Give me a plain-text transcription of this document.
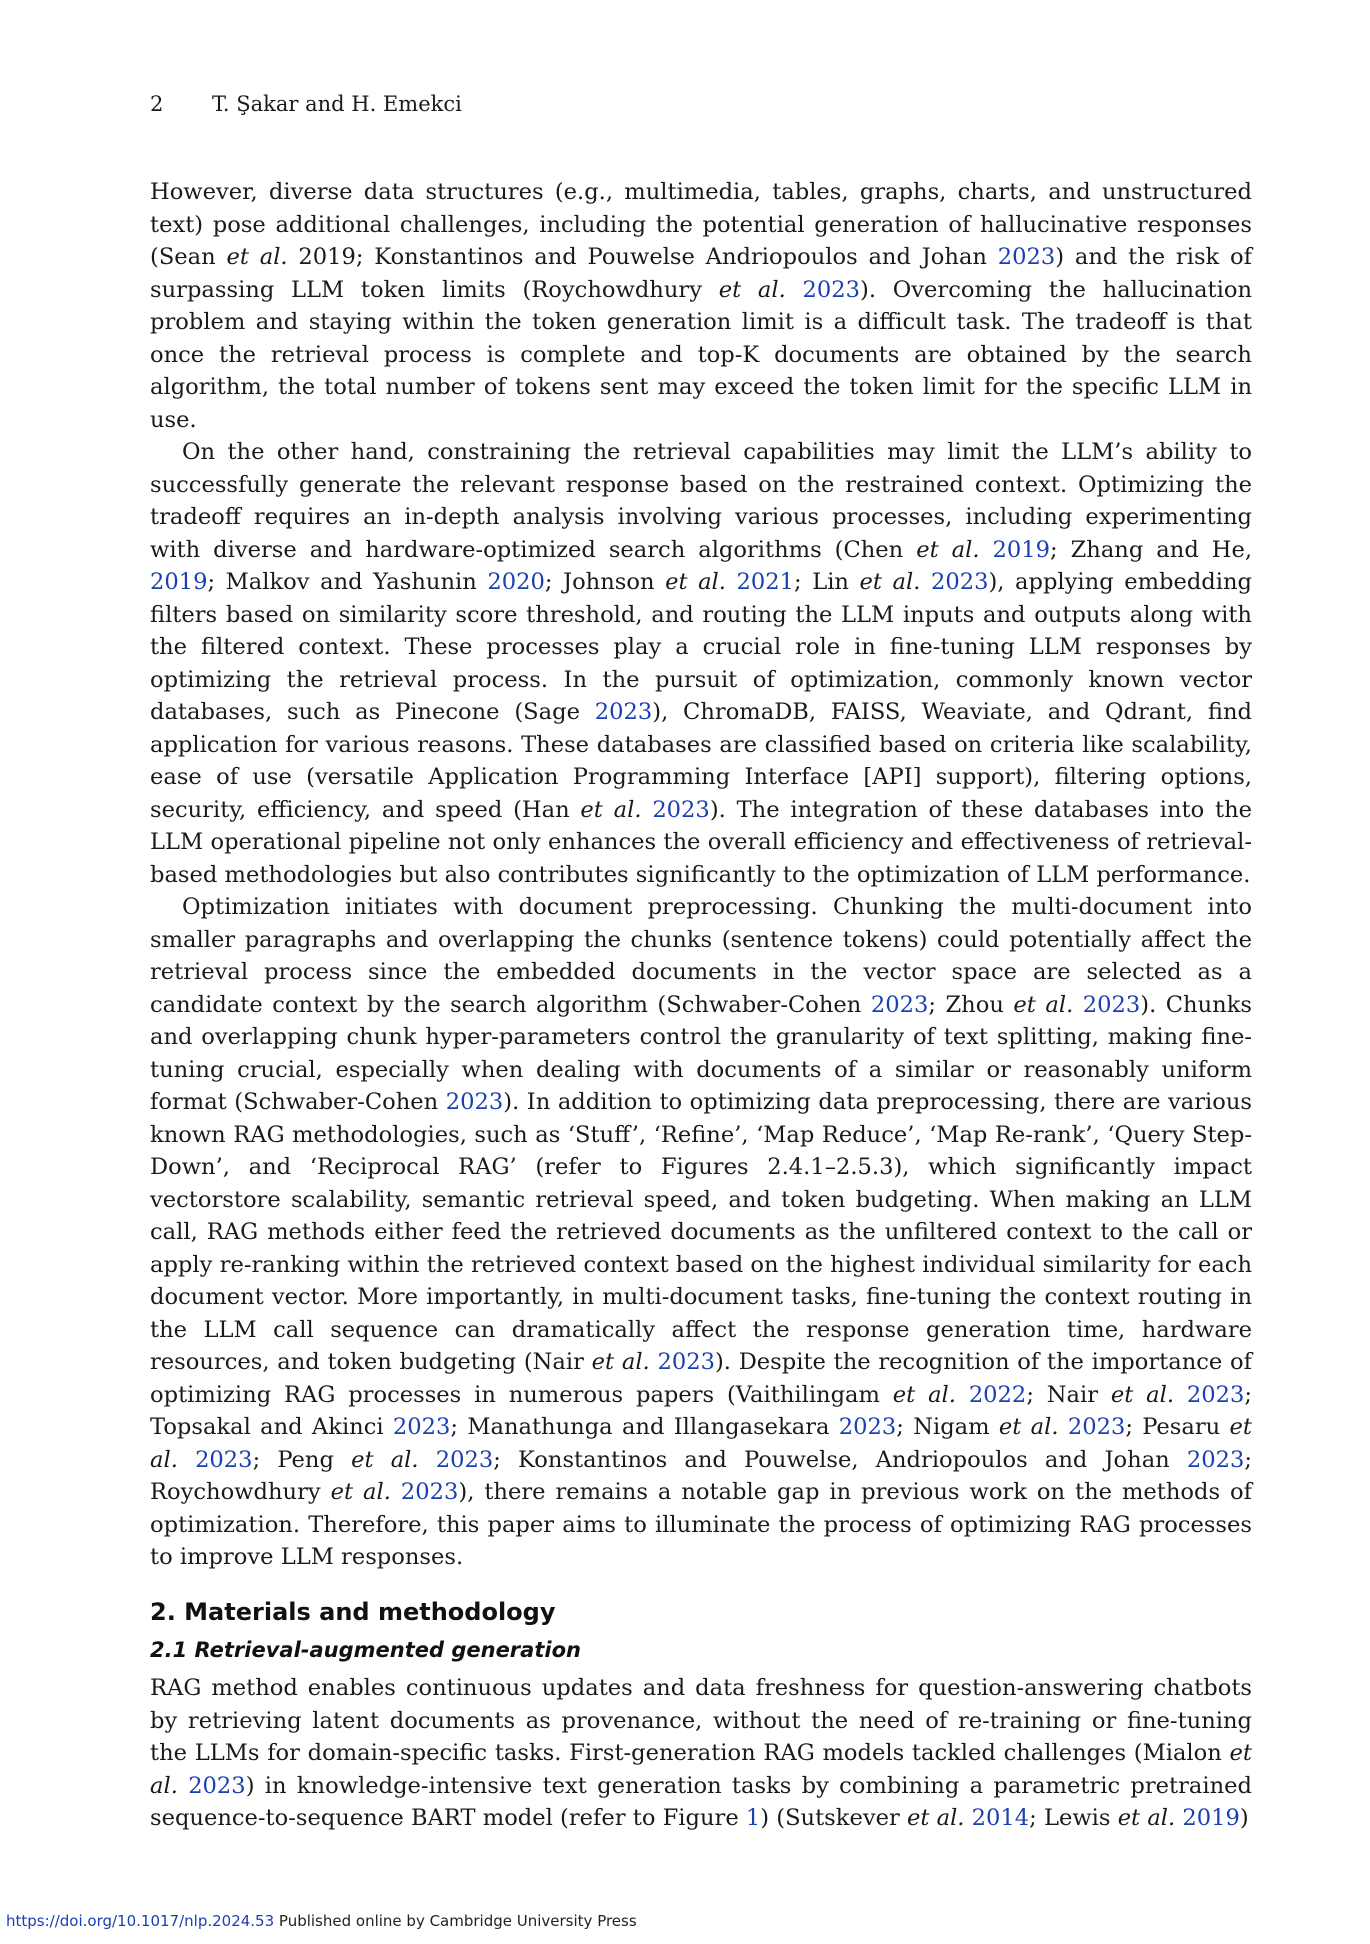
2 T. Şakar and H. Emekci

However, diverse data structures (e.g., multimedia, tables, graphs, charts, and unstructured text) pose additional challenges, including the potential generation of hallucinative responses (Sean et al. 2019; Konstantinos and Pouwelse Andriopoulos and Johan 2023) and the risk of surpassing LLM token limits (Roychowdhury et al. 2023). Overcoming the hallucination problem and staying within the token generation limit is a difficult task. The tradeoff is that once the retrieval process is complete and top-K documents are obtained by the search algorithm, the total number of tokens sent may exceed the token limit for the specific LLM in use.

On the other hand, constraining the retrieval capabilities may limit the LLM’s ability to successfully generate the relevant response based on the restrained context. Optimizing the tradeoff requires an in-depth analysis involving various processes, including experimenting with diverse and hardware-optimized search algorithms (Chen et al. 2019; Zhang and He, 2019; Malkov and Yashunin 2020; Johnson et al. 2021; Lin et al. 2023), applying embedding filters based on similarity score threshold, and routing the LLM inputs and outputs along with the filtered context. These processes play a crucial role in fine-tuning LLM responses by optimizing the retrieval process. In the pursuit of optimization, commonly known vector databases, such as Pinecone (Sage 2023), ChromaDB, FAISS, Weaviate, and Qdrant, find application for various reasons. These databases are classified based on criteria like scalability, ease of use (versatile Application Programming Interface [API] support), filtering options, security, efficiency, and speed (Han et al. 2023). The integration of these databases into the LLM operational pipeline not only enhances the overall efficiency and effectiveness of retrieval-based methodologies but also contributes significantly to the optimization of LLM performance.

Optimization initiates with document preprocessing. Chunking the multi-document into smaller paragraphs and overlapping the chunks (sentence tokens) could potentially affect the retrieval process since the embedded documents in the vector space are selected as a candidate context by the search algorithm (Schwaber-Cohen 2023; Zhou et al. 2023). Chunks and overlapping chunk hyper-parameters control the granularity of text splitting, making fine-tuning crucial, especially when dealing with documents of a similar or reasonably uniform format (Schwaber-Cohen 2023). In addition to optimizing data preprocessing, there are various known RAG methodologies, such as ‘Stuff’, ‘Refine’, ‘Map Reduce’, ‘Map Re-rank’, ‘Query Step-Down’, and ‘Reciprocal RAG’ (refer to Figures 2.4.1–2.5.3), which significantly impact vectorstore scalability, semantic retrieval speed, and token budgeting. When making an LLM call, RAG methods either feed the retrieved documents as the unfiltered context to the call or apply re-ranking within the retrieved context based on the highest individual similarity for each document vector. More importantly, in multi-document tasks, fine-tuning the context routing in the LLM call sequence can dramatically affect the response generation time, hardware resources, and token budgeting (Nair et al. 2023). Despite the recognition of the importance of optimizing RAG processes in numerous papers (Vaithilingam et al. 2022; Nair et al. 2023; Topsakal and Akinci 2023; Manathunga and Illangasekara 2023; Nigam et al. 2023; Pesaru et al. 2023; Peng et al. 2023; Konstantinos and Pouwelse, Andriopoulos and Johan 2023; Roychowdhury et al. 2023), there remains a notable gap in previous work on the methods of optimization. Therefore, this paper aims to illuminate the process of optimizing RAG processes to improve LLM responses.

2. Materials and methodology
2.1 Retrieval-augmented generation

RAG method enables continuous updates and data freshness for question-answering chatbots by retrieving latent documents as provenance, without the need of re-training or fine-tuning the LLMs for domain-specific tasks. First-generation RAG models tackled challenges (Mialon et al. 2023) in knowledge-intensive text generation tasks by combining a parametric pretrained sequence-to-sequence BART model (refer to Figure 1) (Sutskever et al. 2014; Lewis et al. 2019)

https://doi.org/10.1017/nlp.2024.53 Published online by Cambridge University Press
